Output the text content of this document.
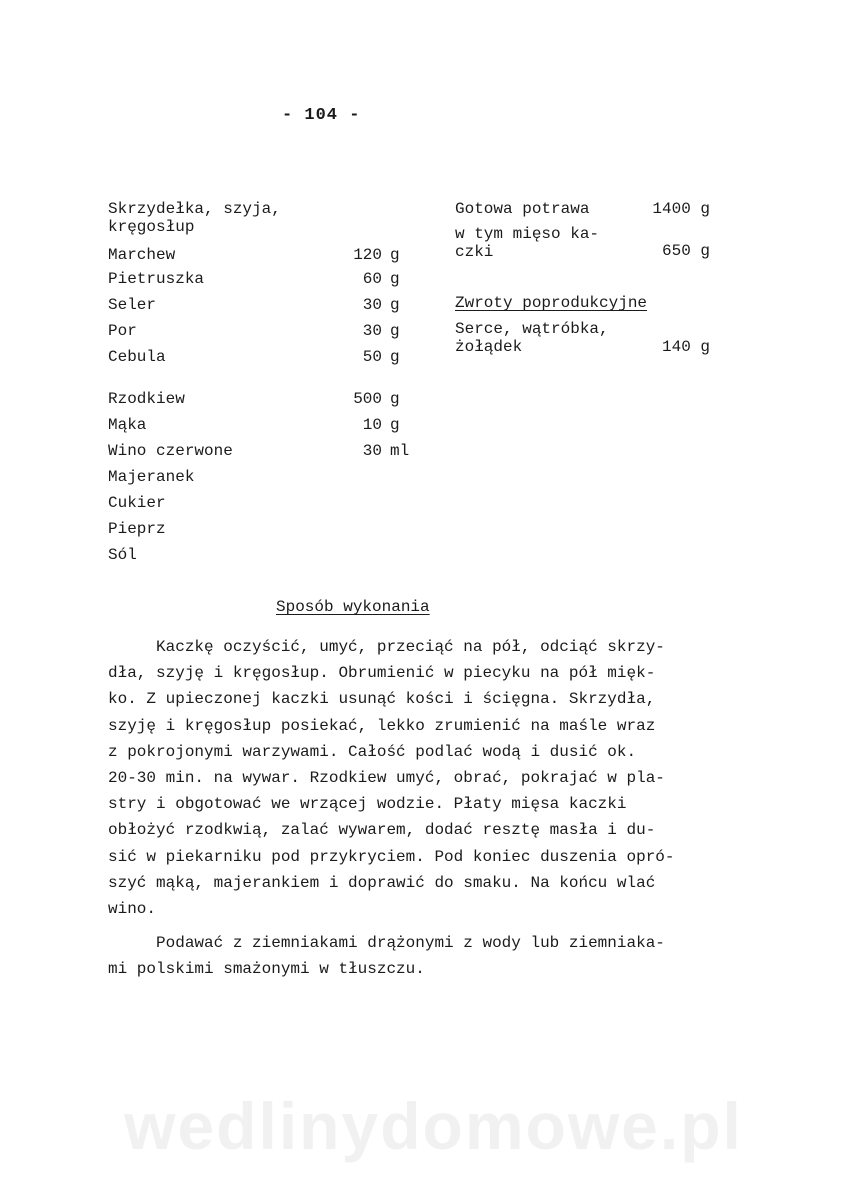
- 104 -
Skrzydełka, szyja,
kręgosłup
Marchew	120 g
Pietruszka	60 g
Seler	30 g
Por	30 g
Cebula	50 g
Rzodkiew	500 g
Mąka	10 g
Wino czerwone	30 ml
Majeranek
Cukier
Pieprz
Sól
Gotowa potrawa	1400 g
w tym mięso ka-
czki	650 g
Zwroty poprodukcyjne
Serce, wątróbka,
żołądek	140 g
Sposób wykonania
Kaczkę oczyścić, umyć, przeciąć na pół, odciąć skrzy-
dła, szyję i kręgosłup. Obrumienić w piecyku na pół mięk-
ko. Z upieczonej kaczki usunąć kości i ścięgna. Skrzydła,
szyję i kręgosłup posiekać, lekko zrumienić na maśle wraz
z pokrojonymi warzywami. Całość podlać wodą i dusić ok.
20-30 min. na wywar. Rzodkiew umyć, obrać, pokrajać w pla-
stry i obgotować we wrzącej wodzie. Płaty mięsa kaczki
obłożyć rzodkwią, zalać wywarem, dodać resztę masła i du-
sić w piekarniku pod przykryciem. Pod koniec duszenia opró-
szyć mąką, majerankiem i doprawić do smaku. Na końcu wlać
wino.
Podawać z ziemniakami drążonymi z wody lub ziemniaka-
mi polskimi smażonymi w tłuszczu.
wedlinydomowe.pl
